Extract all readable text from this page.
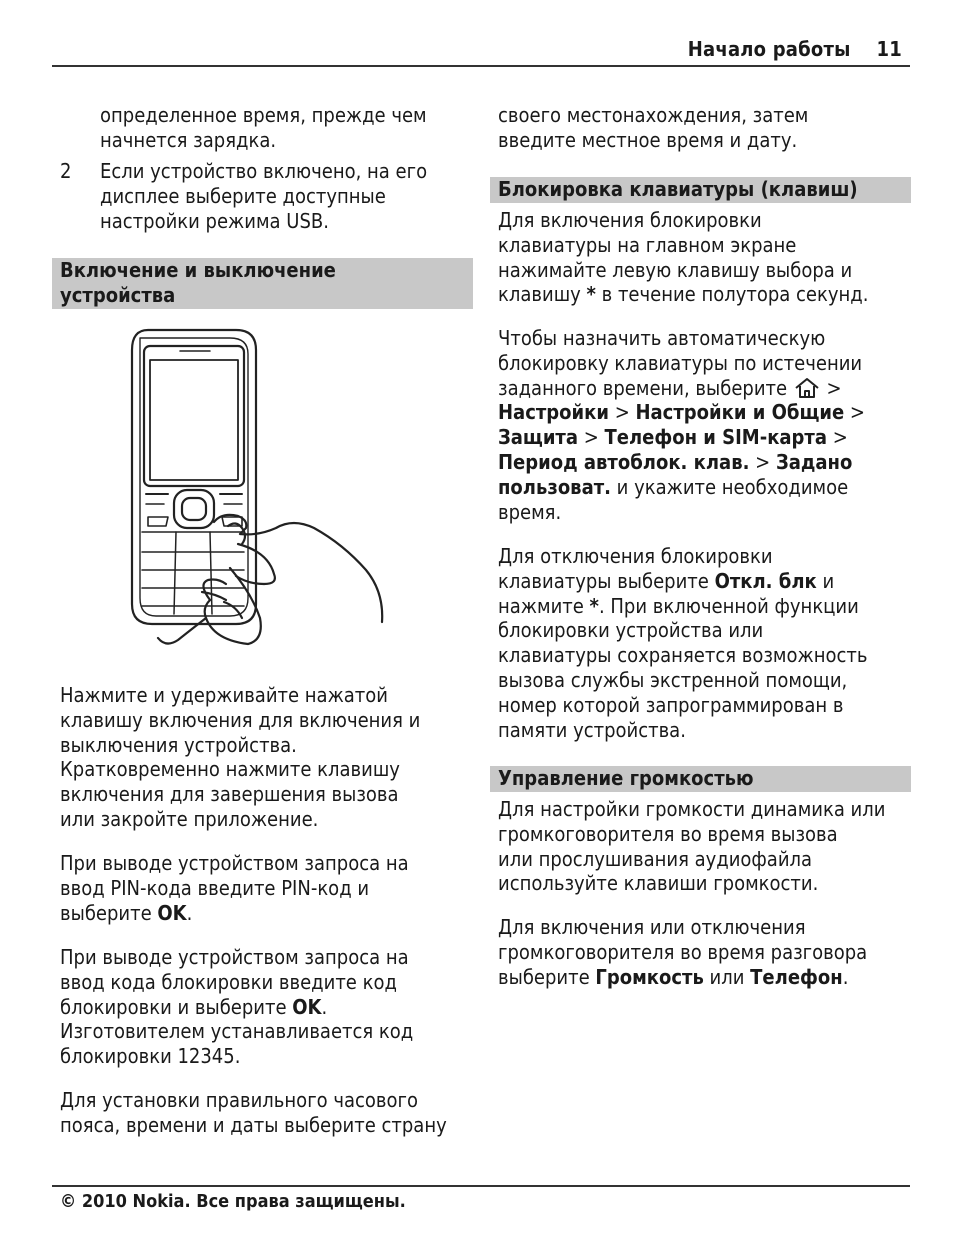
Начало работы 11

определенное время, прежде чем

начнется зарядка.

2 Если устройство включено, на его

дисплее выберите доступные

настройки режима USB.

Включение и выключение
устройства

Нажмите и удерживайте нажатой

клавишу включения для включения и

выключения устройства.

Кратковременно нажмите клавишу

включения для завершения вызова

или закройте приложение.

При выводе устройством запроса на

ввод PIN-кода введите PIN-код и

выберите OK.

При выводе устройством запроса на

ввод кода блокировки введите код

блокировки и выберите OK.

Изготовителем устанавливается код

блокировки 12345.

Для установки правильного часового

пояса, времени и даты выберите страну

своего местонахождения, затем

введите местное время и дату.

Блокировка клавиатуры (клавиш)

Для включения блокировки

клавиатуры на главном экране

нажимайте левую клавишу выбора и

клавишу * в течение полутора секунд.

Чтобы назначить автоматическую

блокировку клавиатуры по истечении

заданного времени, выберите >

Настройки > Настройки и Общие >

Защита > Телефон и SIM-карта >

Период автоблок. клав. > Задано

пользоват. и укажите необходимое

время.

Для отключения блокировки

клавиатуры выберите Откл. блк и

нажмите *. При включенной функции

блокировки устройства или

клавиатуры сохраняется возможность

вызова службы экстренной помощи,

номер которой запрограммирован в

памяти устройства.

Управление громкостью

Для настройки громкости динамика или

громкоговорителя во время вызова

или прослушивания аудиофайла

используйте клавиши громкости.

Для включения или отключения

громкоговорителя во время разговора

выберите Громкость или Телефон.

© 2010 Nokia. Все права защищены.
